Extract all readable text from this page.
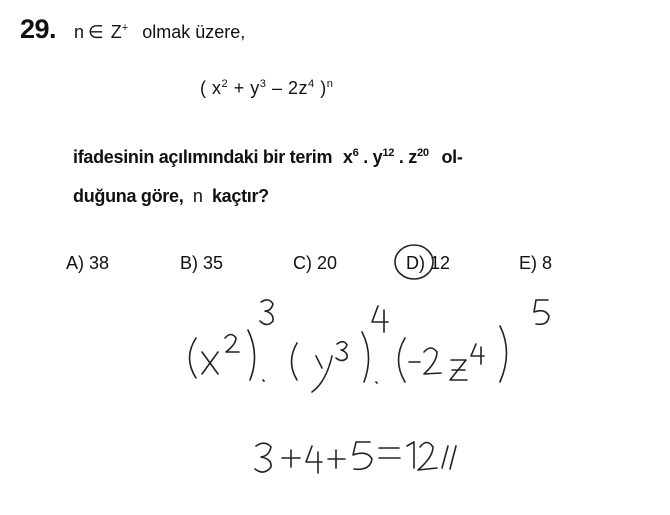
29. n ∈ Z+ olmak üzere,
( $x^2 + y^3 - 2z^4$ )$^n$
ifadesinin açılımındaki bir terim $x^6$ . $y^{12}$ . $z^{20}$ ol-
duğuna göre, n kaçtır?
A) 38	B) 35	C) 20	D) 12	E) 8
